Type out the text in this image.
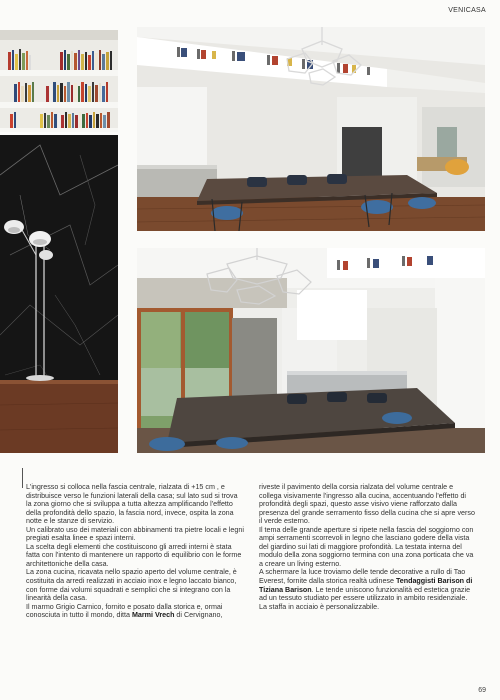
VENICASA

L'ingresso si colloca nella fascia centrale, rialzata di +15 cm , e distribuisce verso le funzioni laterali della casa; sul lato sud si trova la zona giorno che si sviluppa a tutta altezza amplificando l'effetto della profondità dello spazio, la fascia nord, invece, ospita la zona notte e le stanze di servizio.

Un calibrato uso dei materiali con abbinamenti tra pietre locali e legni pregiati esalta linee e spazi interni.

La scelta degli elementi che costituiscono gli arredi interni è stata fatta con l'intento di mantenere un rapporto di equilibrio con le forme architettoniche della casa.

La zona cucina, ricavata nello spazio aperto del volume centrale, è costituita da arredi realizzati in acciaio inox e legno laccato bianco, con forme dai volumi squadrati e semplici che si integrano con la linearità della casa.

Il marmo Grigio Carnico, fornito e posato dalla storica e, ormai conosciuta in tutto il mondo, ditta Marmi Vrech di Cervignano,

riveste il pavimento della corsia rialzata del volume centrale e collega visivamente l'ingresso alla cucina, accentuando l'effetto di profondità degli spazi, questo asse visivo viene rafforzato dalla presenza del grande serramento fisso della cucina che si apre verso il verde esterno.

Il tema delle grande aperture si ripete nella fascia del soggiorno con ampi serramenti scorrevoli in legno che lasciano godere della vista del giardino sui lati di maggiore profondità. La testata interna del modulo della zona soggiorno termina con una zona porticata che va a creare un living esterno.

A schermare la luce troviamo delle tende decorative a rullo di Tao Everest, fornite dalla storica realtà udinese Tendaggisti Barison di Tiziana Barison. Le tende uniscono funzionalità ed estetica grazie ad un tessuto studiato per essere utilizzato in ambito residenziale. La staffa in acciaio è personalizzabile.

69
